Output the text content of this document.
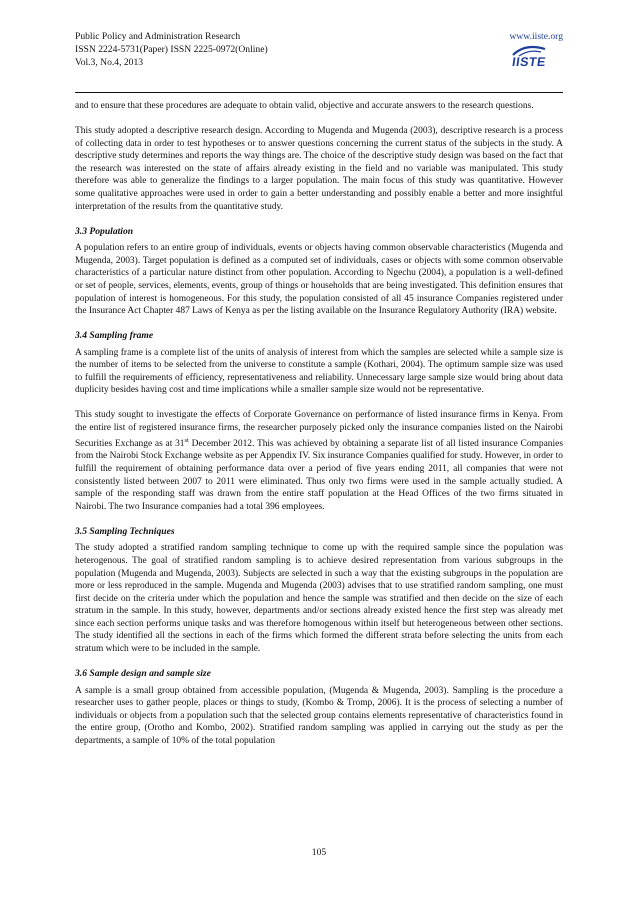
Public Policy and Administration Research
ISSN 2224-5731(Paper) ISSN 2225-0972(Online)
Vol.3, No.4, 2013
www.iiste.org
IISTE

and to ensure that these procedures are adequate to obtain valid, objective and accurate answers to the research questions.

This study adopted a descriptive research design. According to Mugenda and Mugenda (2003), descriptive research is a process of collecting data in order to test hypotheses or to answer questions concerning the current status of the subjects in the study. A descriptive study determines and reports the way things are. The choice of the descriptive study design was based on the fact that the research was interested on the state of affairs already existing in the field and no variable was manipulated. This study therefore was able to generalize the findings to a larger population. The main focus of this study was quantitative. However some qualitative approaches were used in order to gain a better understanding and possibly enable a better and more insightful interpretation of the results from the quantitative study.

3.3 Population

A population refers to an entire group of individuals, events or objects having common observable characteristics (Mugenda and Mugenda, 2003). Target population is defined as a computed set of individuals, cases or objects with some common observable characteristics of a particular nature distinct from other population. According to Ngechu (2004), a population is a well-defined or set of people, services, elements, events, group of things or households that are being investigated. This definition ensures that population of interest is homogeneous. For this study, the population consisted of all 45 insurance Companies registered under the Insurance Act Chapter 487 Laws of Kenya as per the listing available on the Insurance Regulatory Authority (IRA) website.

3.4 Sampling frame

A sampling frame is a complete list of the units of analysis of interest from which the samples are selected while a sample size is the number of items to be selected from the universe to constitute a sample (Kothari, 2004). The optimum sample size was used to fulfill the requirements of efficiency, representativeness and reliability. Unnecessary large sample size would bring about data duplicity besides having cost and time implications while a smaller sample size would not be representative.

This study sought to investigate the effects of Corporate Governance on performance of listed insurance firms in Kenya. From the entire list of registered insurance firms, the researcher purposely picked only the insurance companies listed on the Nairobi Securities Exchange as at 31st December 2012. This was achieved by obtaining a separate list of all listed insurance Companies from the Nairobi Stock Exchange website as per Appendix IV. Six insurance Companies qualified for study. However, in order to fulfill the requirement of obtaining performance data over a period of five years ending 2011, all companies that were not consistently listed between 2007 to 2011 were eliminated. Thus only two firms were used in the sample actually studied. A sample of the responding staff was drawn from the entire staff population at the Head Offices of the two firms situated in Nairobi. The two Insurance companies had a total 396 employees.

3.5 Sampling Techniques

The study adopted a stratified random sampling technique to come up with the required sample since the population was heterogenous. The goal of stratified random sampling is to achieve desired representation from various subgroups in the population (Mugenda and Mugenda, 2003). Subjects are selected in such a way that the existing subgroups in the population are more or less reproduced in the sample. Mugenda and Mugenda (2003) advises that to use stratified random sampling, one must first decide on the criteria under which the population and hence the sample was stratified and then decide on the size of each stratum in the sample. In this study, however, departments and/or sections already existed hence the first step was already met since each section performs unique tasks and was therefore homogenous within itself but heterogeneous between other sections. The study identified all the sections in each of the firms which formed the different strata before selecting the units from each stratum which were to be included in the sample.

3.6 Sample design and sample size

A sample is a small group obtained from accessible population, (Mugenda & Mugenda, 2003). Sampling is the procedure a researcher uses to gather people, places or things to study, (Kombo & Tromp, 2006). It is the process of selecting a number of individuals or objects from a population such that the selected group contains elements representative of characteristics found in the entire group, (Orotho and Kombo, 2002). Stratified random sampling was applied in carrying out the study as per the departments, a sample of 10% of the total population

105
